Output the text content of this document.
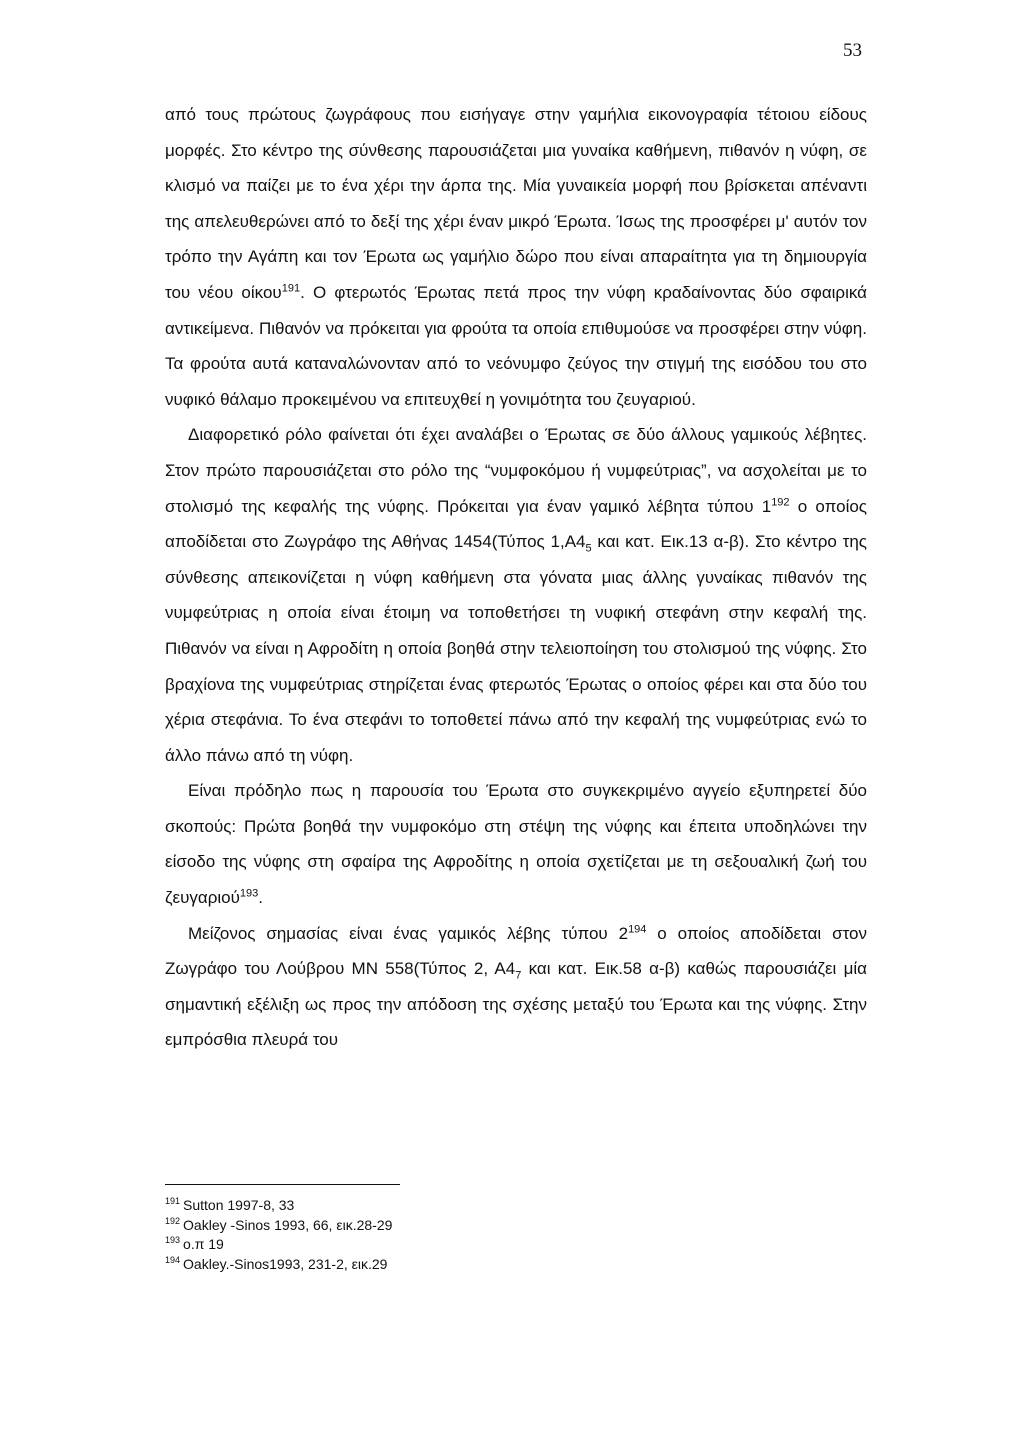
53

από τους πρώτους ζωγράφους που εισήγαγε στην γαμήλια εικονογραφία τέτοιου είδους μορφές. Στο κέντρο της σύνθεσης παρουσιάζεται μια γυναίκα καθήμενη, πιθανόν η νύφη, σε κλισμό να παίζει με το ένα χέρι την άρπα της. Μία γυναικεία μορφή που βρίσκεται απέναντι της απελευθερώνει από το δεξί της χέρι έναν μικρό Έρωτα. Ίσως της προσφέρει μ' αυτόν τον τρόπο την Αγάπη και τον Έρωτα ως γαμήλιο δώρο που είναι απαραίτητα για τη δημιουργία του νέου οίκου$^{191}$. Ο φτερωτός Έρωτας πετά προς την νύφη κραδαίνοντας δύο σφαιρικά αντικείμενα. Πιθανόν να πρόκειται για φρούτα τα οποία επιθυμούσε να προσφέρει στην νύφη. Τα φρούτα αυτά καταναλώνονταν από το νεόνυμφο ζεύγος την στιγμή της εισόδου του στο νυφικό θάλαμο προκειμένου να επιτευχθεί η γονιμότητα του ζευγαριού.

Διαφορετικό ρόλο φαίνεται ότι έχει αναλάβει ο Έρωτας σε δύο άλλους γαμικούς λέβητες. Στον πρώτο παρουσιάζεται στο ρόλο της “νυμφοκόμου ή νυμφεύτριας”, να ασχολείται με το στολισμό της κεφαλής της νύφης. Πρόκειται για έναν γαμικό λέβητα τύπου $1^{192}$ ο οποίος αποδίδεται στο Ζωγράφο της Αθήνας 1454(Τύπος $1,A4_5$ και κατ. Εικ.13 α-β). Στο κέντρο της σύνθεσης απεικονίζεται η νύφη καθήμενη στα γόνατα μιας άλλης γυναίκας πιθανόν της νυμφεύτριας η οποία είναι έτοιμη να τοποθετήσει τη νυφική στεφάνη στην κεφαλή της. Πιθανόν να είναι η Αφροδίτη η οποία βοηθά στην τελειοποίηση του στολισμού της νύφης. Στο βραχίονα της νυμφεύτριας στηρίζεται ένας φτερωτός Έρωτας ο οποίος φέρει και στα δύο του χέρια στεφάνια. Το ένα στεφάνι το τοποθετεί πάνω από την κεφαλή της νυμφεύτριας ενώ το άλλο πάνω από τη νύφη.

Είναι πρόδηλο πως η παρουσία του Έρωτα στο συγκεκριμένο αγγείο εξυπηρετεί δύο σκοπούς: Πρώτα βοηθά την νυμφοκόμο στη στέψη της νύφης και έπειτα υποδηλώνει την είσοδο της νύφης στη σφαίρα της Αφροδίτης η οποία σχετίζεται με τη σεξουαλική ζωή του ζευγαριού$^{193}$.

Μείζονος σημασίας είναι ένας γαμικός λέβης τύπου $2^{194}$ ο οποίος αποδίδεται στον Ζωγράφο του Λούβρου ΜΝ 558(Τύπος 2, $A4_7$ και κατ. Εικ.58 α-β) καθώς παρουσιάζει μία σημαντική εξέλιξη ως προς την απόδοση της σχέσης μεταξύ του Έρωτα και της νύφης. Στην εμπρόσθια πλευρά του

$^{191}$ Sutton 1997-8, 33
$^{192}$ Oakley -Sinos 1993, 66, εικ.28-29
$^{193}$ ο.π 19
$^{194}$ Oakley.-Sinos1993, 231-2, εικ.29
